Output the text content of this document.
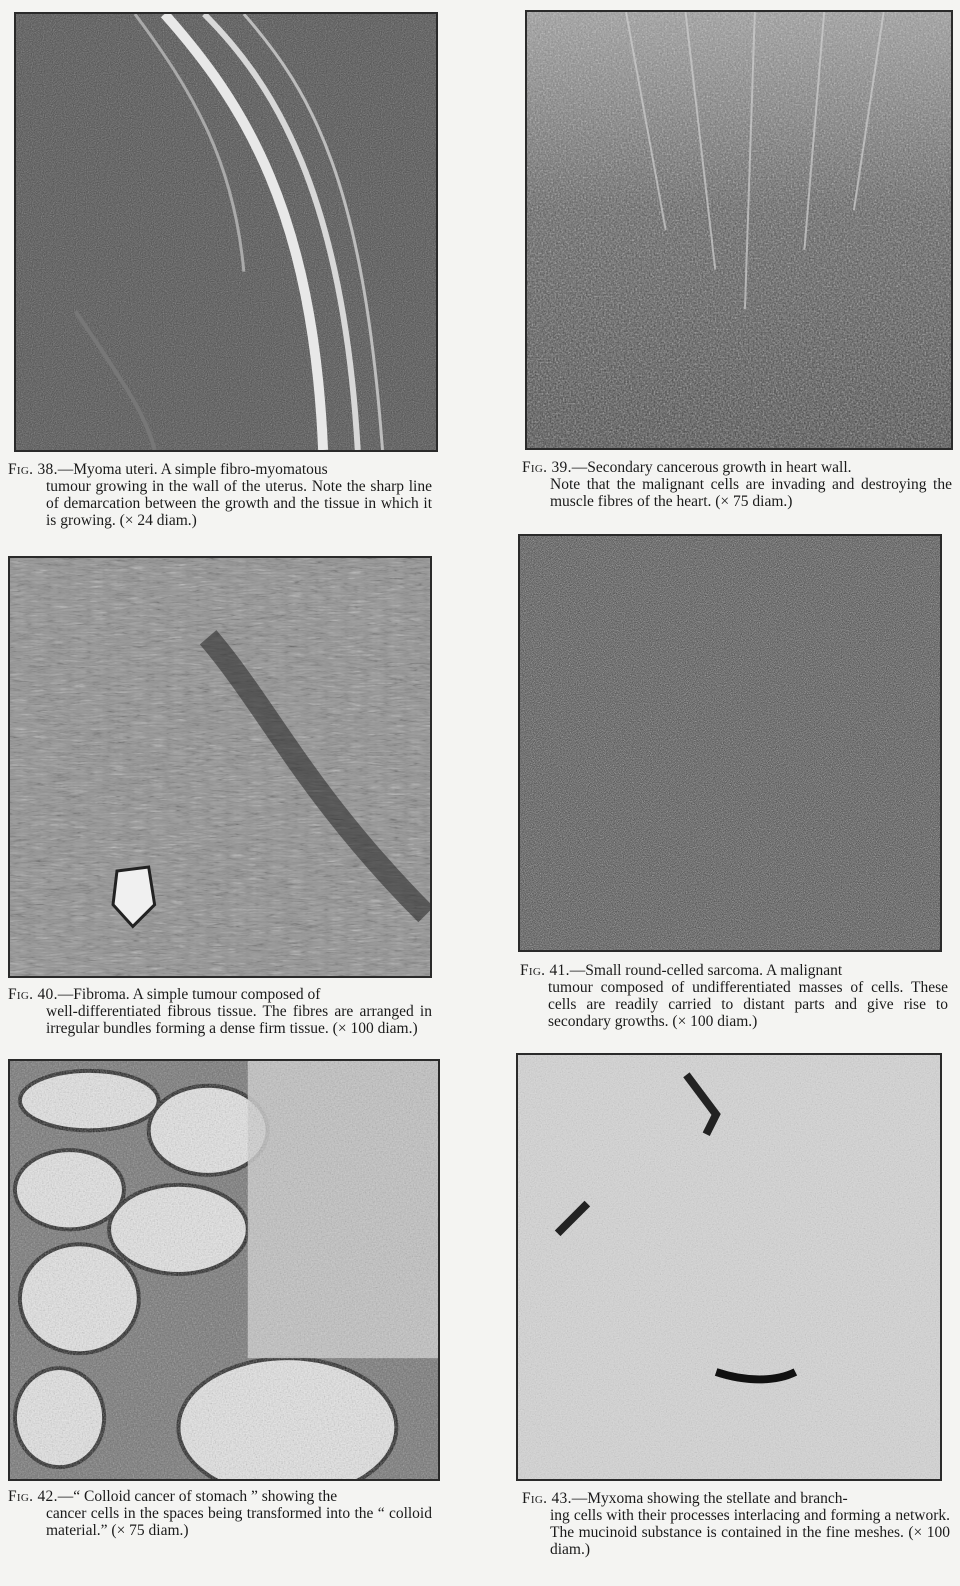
Fig. 38.—Myoma uteri. A simple fibro-myomatous
tumour growing in the wall of the uterus. Note the sharp line of demarcation between the growth and the tissue in which it is growing. (× 24 diam.)

Fig. 39.—Secondary cancerous growth in heart wall.
Note that the malignant cells are invading and destroying the muscle fibres of the heart. (× 75 diam.)

Fig. 40.—Fibroma. A simple tumour composed of
well-differentiated fibrous tissue. The fibres are arranged in irregular bundles forming a dense firm tissue. (× 100 diam.)

Fig. 41.—Small round-celled sarcoma. A malignant
tumour composed of undifferentiated masses of cells. These cells are readily carried to distant parts and give rise to secondary growths. (× 100 diam.)

Fig. 42.—“ Colloid cancer of stomach ” showing the
cancer cells in the spaces being transformed into the “ colloid material.” (× 75 diam.)

Fig. 43.—Myxoma showing the stellate and branch-
ing cells with their processes interlacing and forming a network. The mucinoid substance is contained in the fine meshes. (× 100 diam.)
